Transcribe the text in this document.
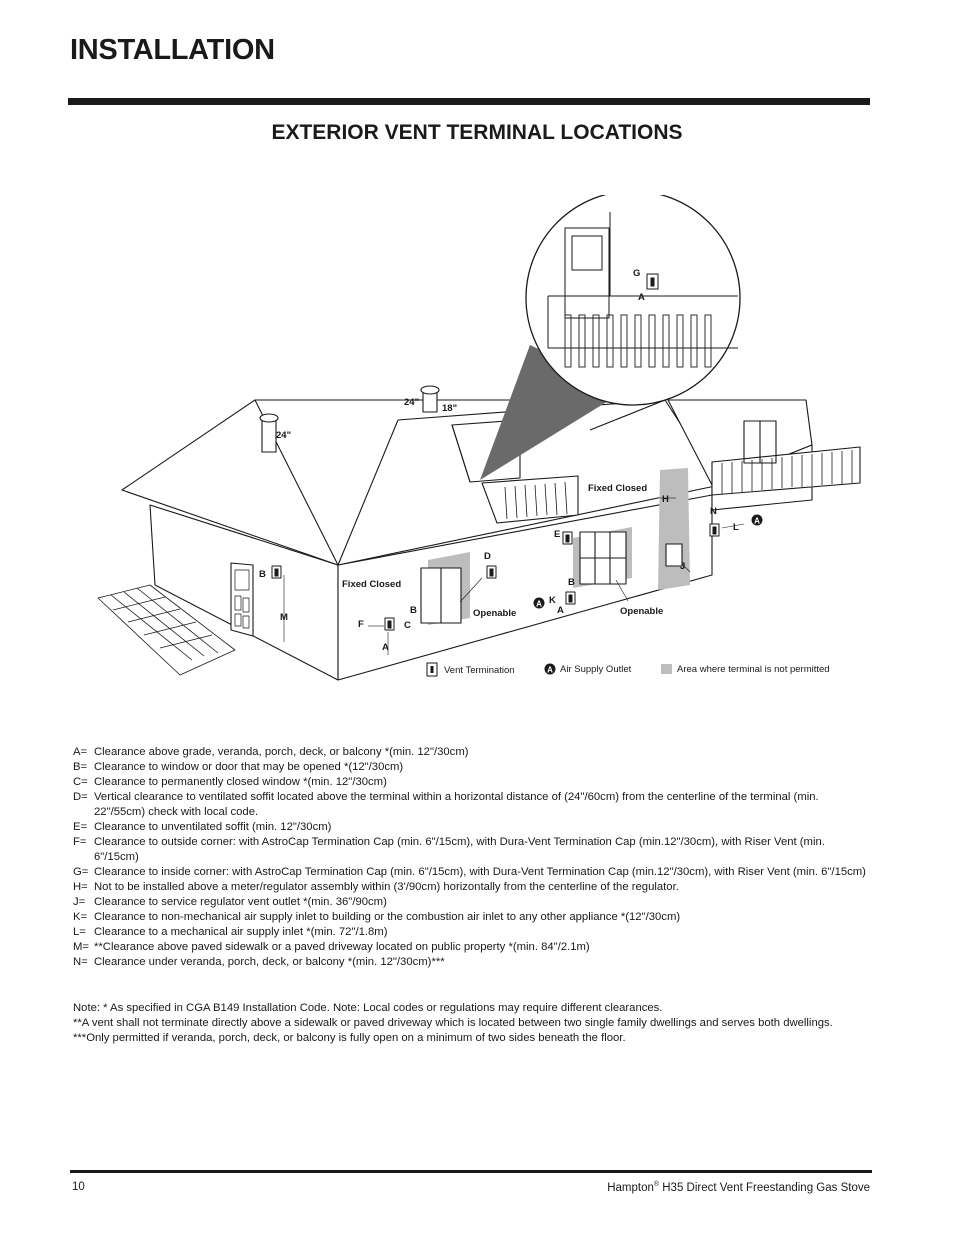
INSTALLATION
EXTERIOR VENT TERMINAL LOCATIONS
G
A
24"
24"
18"
Fixed Closed
Fixed Closed
Openable	Openable
B
M
F
A
B
C
D
E
B
K
A
H
J
N
L
A
A
Vent Termination	A Air Supply Outlet	Area where terminal is not permitted
A= Clearance above grade, veranda, porch, deck, or balcony *(min. 12"/30cm)
B= Clearance to window or door that may be opened *(12"/30cm)
C= Clearance to permanently closed window *(min. 12"/30cm)
D= Vertical clearance to ventilated soffit located above the terminal within a horizontal distance of (24"/60cm) from the centerline of the terminal (min. 22"/55cm) check with local code.
E= Clearance to unventilated soffit (min. 12"/30cm)
F= Clearance to outside corner: with AstroCap Termination Cap (min. 6"/15cm), with Dura-Vent Termination Cap (min.12"/30cm), with Riser Vent (min. 6"/15cm)
G= Clearance to inside corner: with AstroCap Termination Cap (min. 6"/15cm), with Dura-Vent Termination Cap (min.12"/30cm), with Riser Vent (min. 6"/15cm)
H= Not to be installed above a meter/regulator assembly within (3'/90cm) horizontally from the centerline of the regulator.
J= Clearance to service regulator vent outlet *(min. 36"/90cm)
K= Clearance to non-mechanical air supply inlet to building or the combustion air inlet to any other appliance *(12"/30cm)
L= Clearance to a mechanical air supply inlet *(min. 72"/1.8m)
M= **Clearance above paved sidewalk or a paved driveway located on public property *(min. 84"/2.1m)
N= Clearance under veranda, porch, deck, or balcony *(min. 12"/30cm)***

Note: * As specified in CGA B149 Installation Code. Note: Local codes or regulations may require different clearances.

**A vent shall not terminate directly above a sidewalk or paved driveway which is located between two single family dwellings and serves both dwellings.

***Only permitted if veranda, porch, deck, or balcony is fully open on a minimum of two sides beneath the floor.

10	Hampton® H35 Direct Vent Freestanding Gas Stove
